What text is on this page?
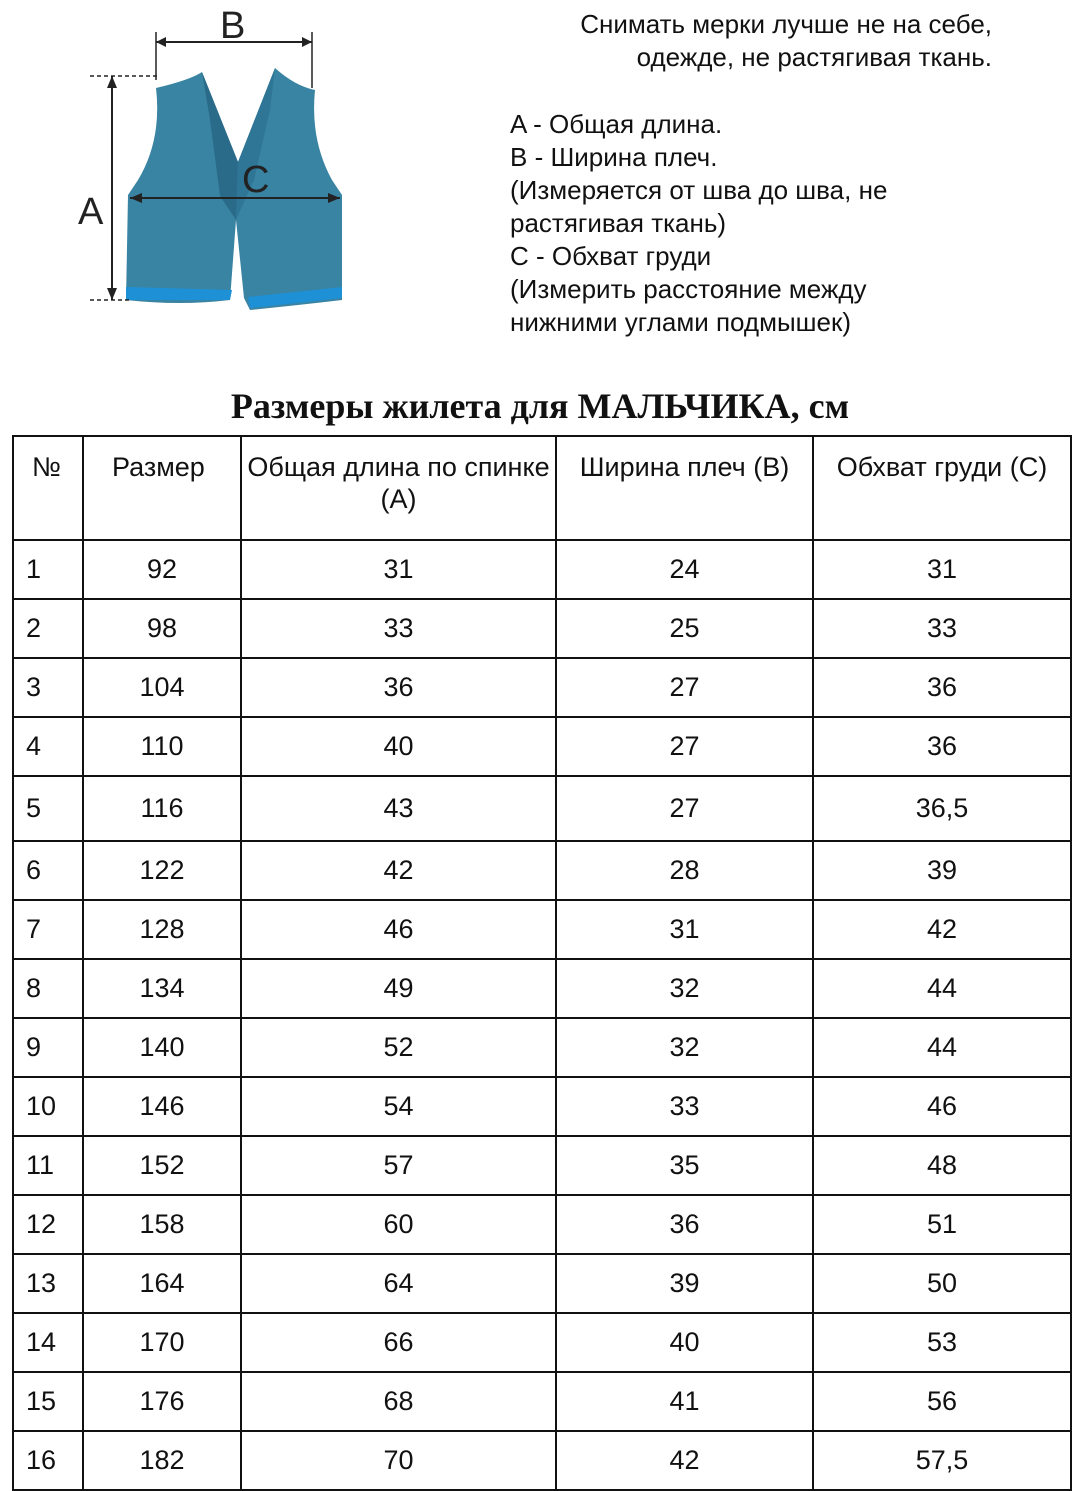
B
A
C
Снимать мерки лучше не на себе,
одежде, не растягивая ткань.
A - Общая длина.
B - Ширина плеч.
(Измеряется от шва до шва, не
растягивая ткань)
С - Обхват груди
(Измерить расстояние между
нижними углами подмышек)
Размеры жилета для МАЛЬЧИКА, см
№	Размер	Общая длина по спинке (A)	Ширина плеч (B)	Обхват груди (C)
1	92	31	24	31
2	98	33	25	33
3	104	36	27	36
4	110	40	27	36
5	116	43	27	36,5
6	122	42	28	39
7	128	46	31	42
8	134	49	32	44
9	140	52	32	44
10	146	54	33	46
11	152	57	35	48
12	158	60	36	51
13	164	64	39	50
14	170	66	40	53
15	176	68	41	56
16	182	70	42	57,5
